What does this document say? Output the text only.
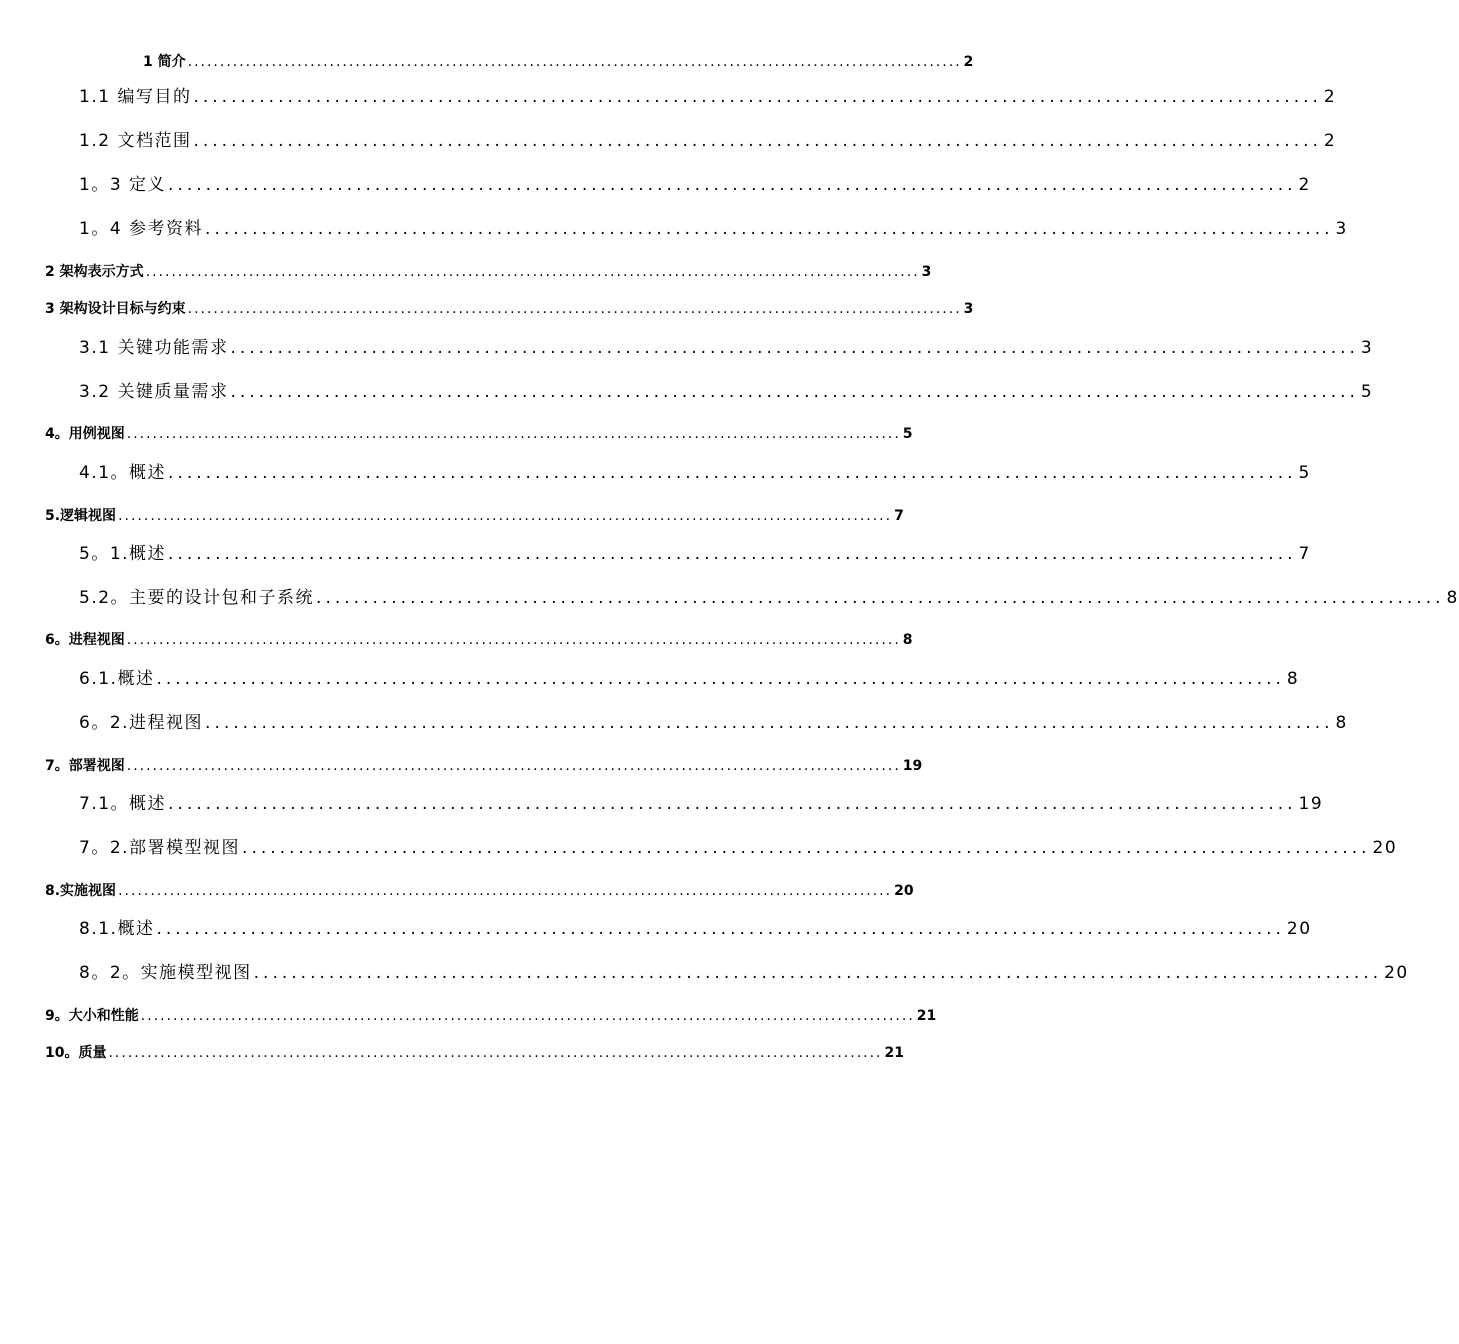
1 简介 ........................................................................................................................ 2
1.1 编写目的 ........................................................................................................................ 2
1.2 文档范围 ........................................................................................................................ 2
1。3 定义 ........................................................................................................................ 2
1。4 参考资料 ........................................................................................................................ 3
2 架构表示方式 ........................................................................................................................ 3
3 架构设计目标与约束 ........................................................................................................................ 3
3.1 关键功能需求 ........................................................................................................................ 3
3.2 关键质量需求 ........................................................................................................................ 5
4。用例视图 ........................................................................................................................ 5
4.1。概述 ........................................................................................................................ 5
5.逻辑视图 ........................................................................................................................ 7
5。1.概述 ........................................................................................................................ 7
5.2。主要的设计包和子系统 ........................................................................................................................ 8
6。进程视图 ........................................................................................................................ 8
6.1.概述 ........................................................................................................................ 8
6。2.进程视图 ........................................................................................................................ 8
7。部署视图 ........................................................................................................................ 19
7.1。概述 ........................................................................................................................ 19
7。2.部署模型视图 ........................................................................................................................ 20
8.实施视图 ........................................................................................................................ 20
8.1.概述 ........................................................................................................................ 20
8。2。实施模型视图 ........................................................................................................................ 20
9。大小和性能 ........................................................................................................................ 21
10。质量 ........................................................................................................................ 21
